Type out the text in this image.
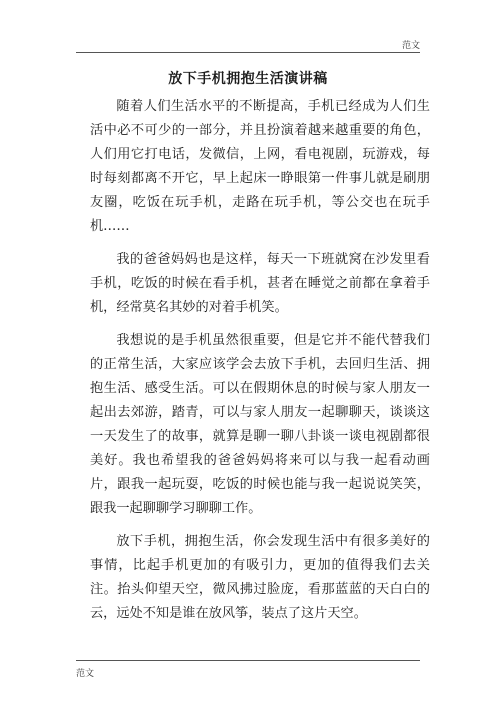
范文
放下手机拥抱生活演讲稿

随着人们生活水平的不断提高，手机已经成为人们生活中必不可少的一部分，并且扮演着越来越重要的角色，人们用它打电话，发微信，上网，看电视剧，玩游戏，每时每刻都离不开它，早上起床一睁眼第一件事儿就是刷朋友圈，吃饭在玩手机，走路在玩手机，等公交也在玩手机……

我的爸爸妈妈也是这样，每天一下班就窝在沙发里看手机，吃饭的时候在看手机，甚者在睡觉之前都在拿着手机，经常莫名其妙的对着手机笑。

我想说的是手机虽然很重要，但是它并不能代替我们的正常生活，大家应该学会去放下手机，去回归生活、拥抱生活、感受生活。可以在假期休息的时候与家人朋友一起出去郊游，踏青，可以与家人朋友一起聊聊天，谈谈这一天发生了的故事，就算是聊一聊八卦谈一谈电视剧都很美好。我也希望我的爸爸妈妈将来可以与我一起看动画片，跟我一起玩耍，吃饭的时候也能与我一起说说笑笑，跟我一起聊聊学习聊聊工作。

放下手机，拥抱生活，你会发现生活中有很多美好的事情，比起手机更加的有吸引力，更加的值得我们去关注。抬头仰望天空，微风拂过脸庞，看那蓝蓝的天白白的云，远处不知是谁在放风筝，装点了这片天空。

范文
